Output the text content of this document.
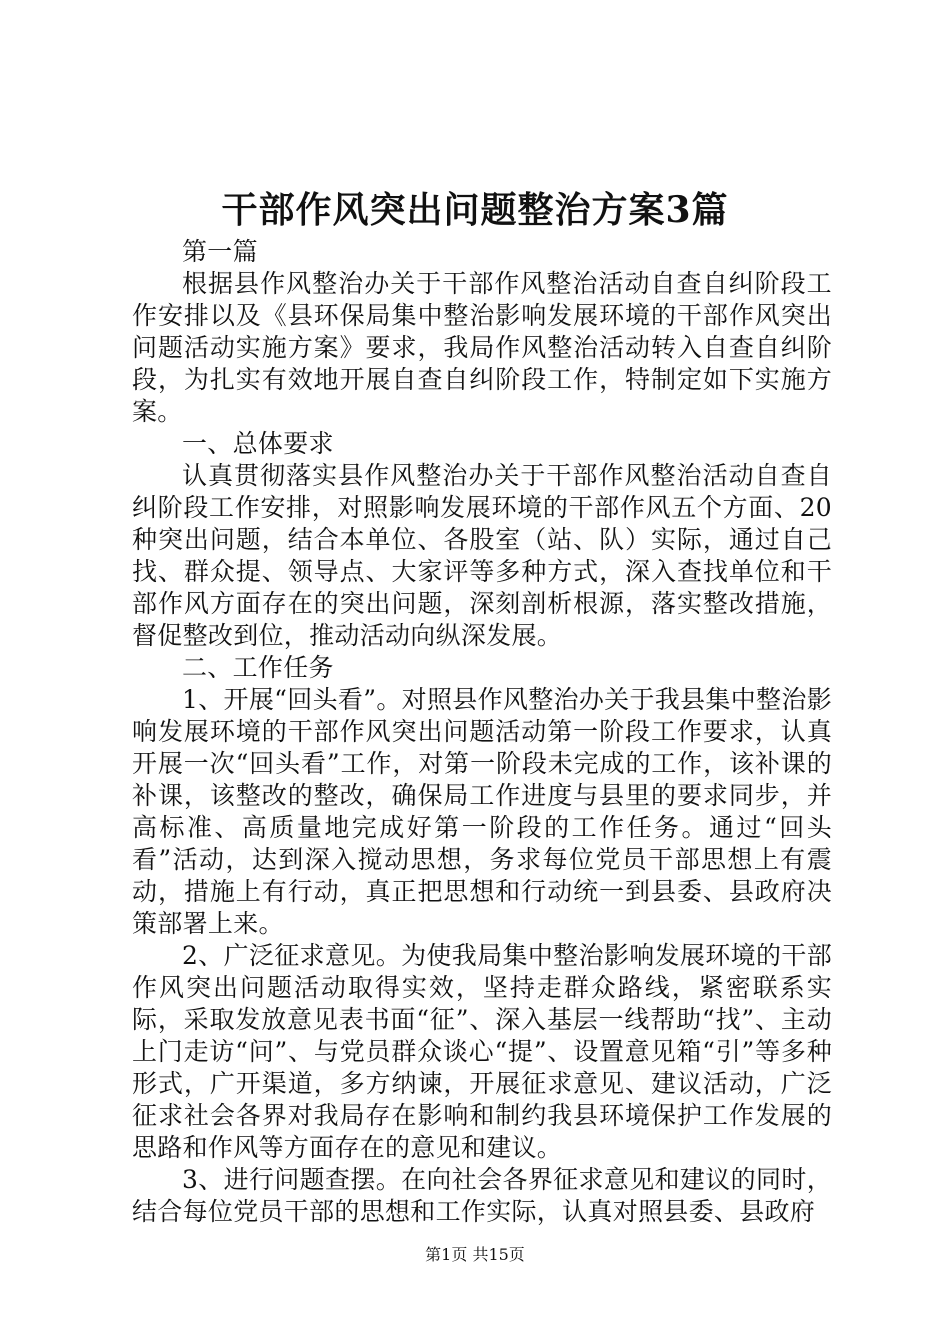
干部作风突出问题整治方案3篇

第一篇

根据县作风整治办关于干部作风整治活动自查自纠阶段工作安排以及《县环保局集中整治影响发展环境的干部作风突出问题活动实施方案》要求，我局作风整治活动转入自查自纠阶段，为扎实有效地开展自查自纠阶段工作，特制定如下实施方案。

一、总体要求

认真贯彻落实县作风整治办关于干部作风整治活动自查自纠阶段工作安排，对照影响发展环境的干部作风五个方面、20种突出问题，结合本单位、各股室（站、队）实际，通过自己找、群众提、领导点、大家评等多种方式，深入查找单位和干部作风方面存在的突出问题，深刻剖析根源，落实整改措施，督促整改到位，推动活动向纵深发展。

二、工作任务

1、开展“回头看”。对照县作风整治办关于我县集中整治影响发展环境的干部作风突出问题活动第一阶段工作要求，认真开展一次“回头看”工作，对第一阶段未完成的工作，该补课的补课，该整改的整改，确保局工作进度与县里的要求同步，并高标准、高质量地完成好第一阶段的工作任务。通过“回头看”活动，达到深入搅动思想，务求每位党员干部思想上有震动，措施上有行动，真正把思想和行动统一到县委、县政府决策部署上来。

2、广泛征求意见。为使我局集中整治影响发展环境的干部作风突出问题活动取得实效，坚持走群众路线，紧密联系实际，采取发放意见表书面“征”、深入基层一线帮助“找”、主动上门走访“问”、与党员群众谈心“提”、设置意见箱“引”等多种形式，广开渠道，多方纳谏，开展征求意见、建议活动，广泛征求社会各界对我局存在影响和制约我县环境保护工作发展的思路和作风等方面存在的意见和建议。

3、进行问题查摆。在向社会各界征求意见和建议的同时，结合每位党员干部的思想和工作实际，认真对照县委、县政府

第1页 共15页
